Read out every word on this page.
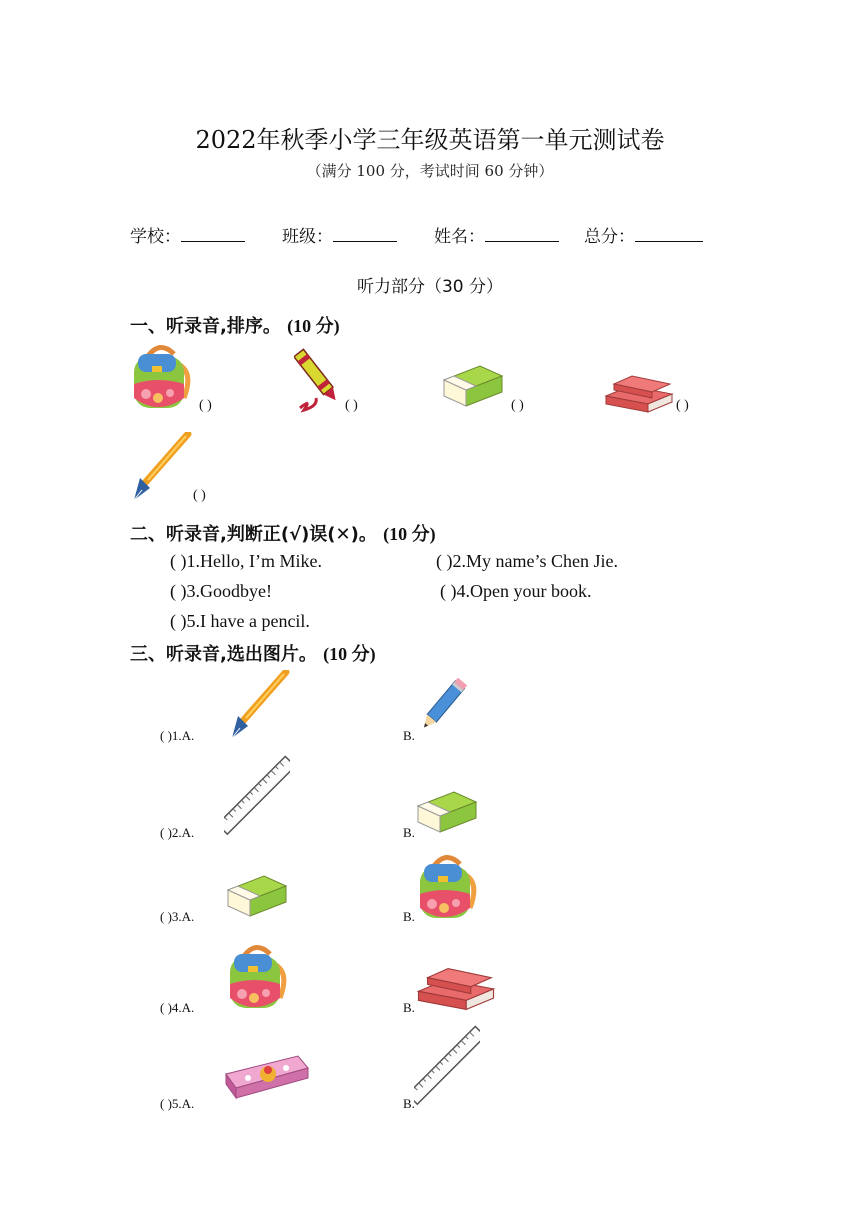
2022年秋季小学三年级英语第一单元测试卷
（满分 100 分，考试时间 60 分钟）
学校：	班级：	姓名：	总分：
听力部分（30 分）
一、听录音,排序。 (10 分)
( )	( )	( )	( )
( )
二、听录音,判断正(√)误(✕)。 (10 分)
( )1.Hello, I’m Mike.	( )2.My name’s Chen Jie.
( )3.Goodbye!	( )4.Open your book.
( )5.I have a pencil.
三、听录音,选出图片。 (10 分)
( )1.A.	B.
( )2.A.	B.
( )3.A.	B.
( )4.A.	B.
( )5.A.	B.
